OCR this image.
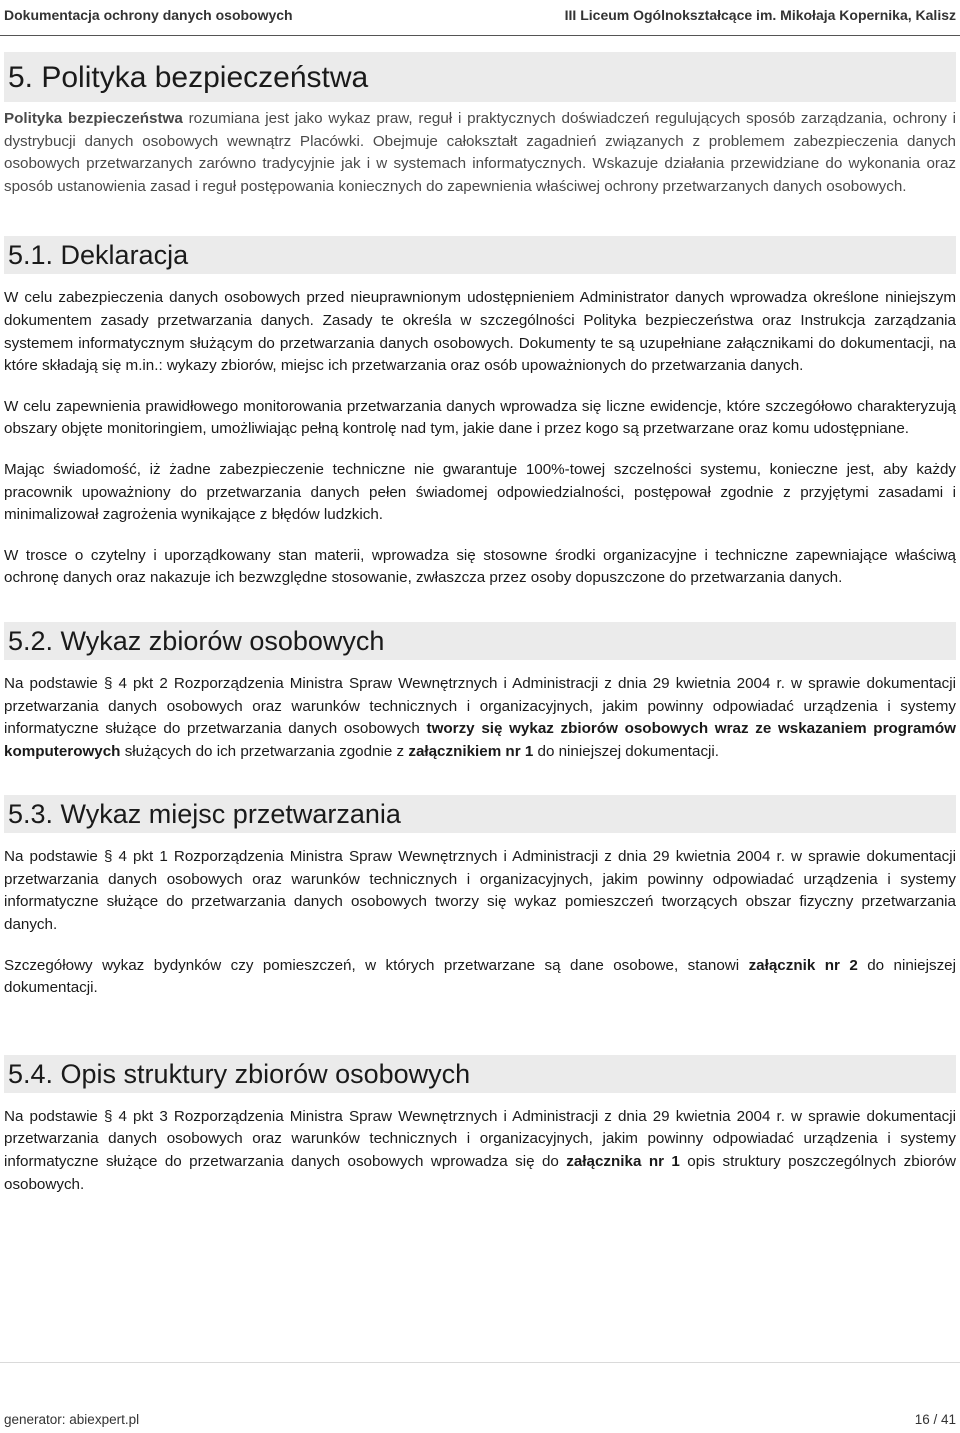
Dokumentacja ochrony danych osobowych	III Liceum Ogólnokształcące im. Mikołaja Kopernika, Kalisz
5. Polityka bezpieczeństwa

Polityka bezpieczeństwa rozumiana jest jako wykaz praw, reguł i praktycznych doświadczeń regulujących sposób zarządzania, ochrony i dystrybucji danych osobowych wewnątrz Placówki. Obejmuje całokształt zagadnień związanych z problemem zabezpieczenia danych osobowych przetwarzanych zarówno tradycyjnie jak i w systemach informatycznych. Wskazuje działania przewidziane do wykonania oraz sposób ustanowienia zasad i reguł postępowania koniecznych do zapewnienia właściwej ochrony przetwarzanych danych osobowych.

5.1. Deklaracja

W celu zabezpieczenia danych osobowych przed nieuprawnionym udostępnieniem Administrator danych wprowadza określone niniejszym dokumentem zasady przetwarzania danych. Zasady te określa w szczególności Polityka bezpieczeństwa oraz Instrukcja zarządzania systemem informatycznym służącym do przetwarzania danych osobowych. Dokumenty te są uzupełniane załącznikami do dokumentacji, na które składają się m.in.: wykazy zbiorów, miejsc ich przetwarzania oraz osób upoważnionych do przetwarzania danych.

W celu zapewnienia prawidłowego monitorowania przetwarzania danych wprowadza się liczne ewidencje, które szczegółowo charakteryzują obszary objęte monitoringiem, umożliwiając pełną kontrolę nad tym, jakie dane i przez kogo są przetwarzane oraz komu udostępniane.

Mając świadomość, iż żadne zabezpieczenie techniczne nie gwarantuje 100%-towej szczelności systemu, konieczne jest, aby każdy pracownik upoważniony do przetwarzania danych pełen świadomej odpowiedzialności, postępował zgodnie z przyjętymi zasadami i minimalizował zagrożenia wynikające z błędów ludzkich.

W trosce o czytelny i uporządkowany stan materii, wprowadza się stosowne środki organizacyjne i techniczne zapewniające właściwą ochronę danych oraz nakazuje ich bezwzględne stosowanie, zwłaszcza przez osoby dopuszczone do przetwarzania danych.

5.2. Wykaz zbiorów osobowych

Na podstawie § 4 pkt 2 Rozporządzenia Ministra Spraw Wewnętrznych i Administracji z dnia 29 kwietnia 2004 r. w sprawie dokumentacji przetwarzania danych osobowych oraz warunków technicznych i organizacyjnych, jakim powinny odpowiadać urządzenia i systemy informatyczne służące do przetwarzania danych osobowych tworzy się wykaz zbiorów osobowych wraz ze wskazaniem programów komputerowych służących do ich przetwarzania zgodnie z załącznikiem nr 1 do niniejszej dokumentacji.

5.3. Wykaz miejsc przetwarzania

Na podstawie § 4 pkt 1 Rozporządzenia Ministra Spraw Wewnętrznych i Administracji z dnia 29 kwietnia 2004 r. w sprawie dokumentacji przetwarzania danych osobowych oraz warunków technicznych i organizacyjnych, jakim powinny odpowiadać urządzenia i systemy informatyczne służące do przetwarzania danych osobowych tworzy się wykaz pomieszczeń tworzących obszar fizyczny przetwarzania danych.

Szczegółowy wykaz bydynków czy pomieszczeń, w których przetwarzane są dane osobowe, stanowi załącznik nr 2 do niniejszej dokumentacji.

5.4. Opis struktury zbiorów osobowych

Na podstawie § 4 pkt 3 Rozporządzenia Ministra Spraw Wewnętrznych i Administracji z dnia 29 kwietnia 2004 r. w sprawie dokumentacji przetwarzania danych osobowych oraz warunków technicznych i organizacyjnych, jakim powinny odpowiadać urządzenia i systemy informatyczne służące do przetwarzania danych osobowych wprowadza się do załącznika nr 1 opis struktury poszczególnych zbiorów osobowych.

generator: abiexpert.pl	16 / 41
